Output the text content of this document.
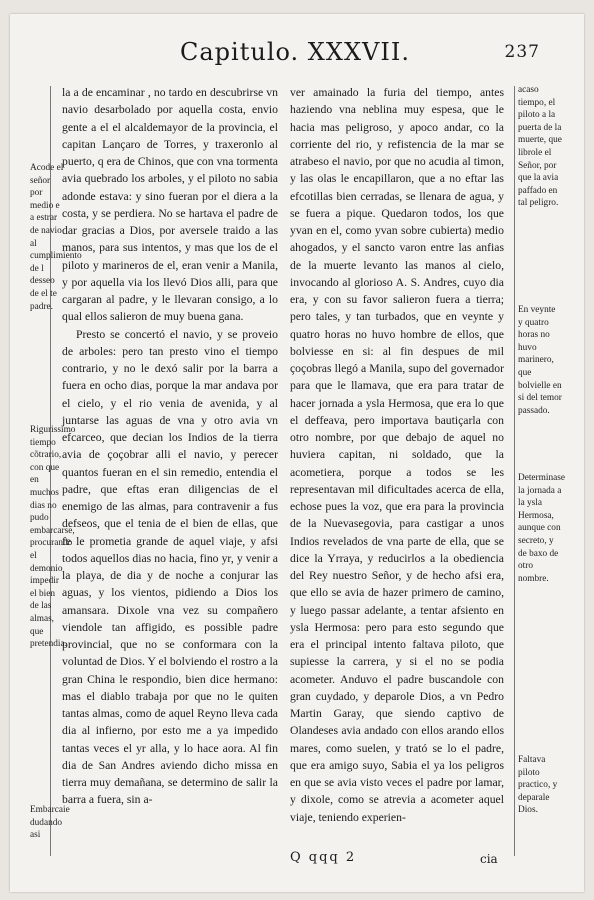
Capitulo. XXXVII.	237

la a de encaminar , no tardo en descubrirse vn navio desarbolado por aquella costa, envio gente a el el alcaldemayor de la provincia, el capitan Lançaro de Torres, y traxeronlo al puerto, q era de Chinos, que con vna tormenta avia quebrado los arboles, y el piloto no sabia adonde estava: y sino fueran por el diera a la costa, y se perdiera. No se hartava el padre de dar gracias a Dios, por aversele traido a las manos, para sus intentos, y mas que los de el piloto y marineros de el, eran venir a Manila, y por aquella via los llevó Dios alli, para que cargaran al padre, y le llevaran consigo, a lo qual ellos salieron de muy buena gana.

Presto se concertó el navio, y se proveio de arboles: pero tan presto vino el tiempo contrario, y no le dexó salir por la barra a fuera en ocho dias, porque la mar andava por el cielo, y el rio venia de avenida, y al juntarse las aguas de vna y otro avia vn efcarceo, que decian los Indios de la tierra avia de çoçobrar alli el navio, y perecer quantos fueran en el sin remedio, entendia el padre, que eftas eran diligencias de el enemigo de las almas, para contravenir a fus defseos, que el tenia de el bien de ellas, que fe le prometia grande de aquel viaje, y afsi todos aquellos dias no hacia, fino yr, y venir a la playa, de dia y de noche a conjurar las aguas, y los vientos, pidiendo a Dios los amansara. Dixole vna vez su compañero viendole tan affigido, es possible padre provincial, que no se conformara con la voluntad de Dios. Y el bolviendo el rostro a la gran China le respondio, bien dice hermano: mas el diablo trabaja por que no le quiten tantas almas, como de aquel Reyno lleva cada dia al infierno, por esto me a ya impedido tantas veces el yr alla, y lo hace aora. Al fin dia de San Andres aviendo dicho missa en tierra muy demañana, se determino de salir la barra a fuera, sin a-

ver amainado la furia del tiempo, antes haziendo vna neblina muy espesa, que le hacia mas peligroso, y apoco andar, co la corriente del rio, y refistencia de la mar se atrabeso el navio, por que no acudia al timon, y las olas le encapillaron, que a no eftar las efcotillas bien cerradas, se llenara de agua, y se fuera a pique. Quedaron todos, los que yvan en el, como yvan sobre cubierta) medio ahogados, y el sancto varon entre las anfias de la muerte levanto las manos al cielo, invocando al glorioso A. S. Andres, cuyo dia era, y con su favor salieron fuera a tierra; pero tales, y tan turbados, que en veynte y quatro horas no huvo hombre de ellos, que bolviesse en si: al fin despues de mil çoçobras llegó a Manila, supo del governador para que le llamava, que era para tratar de hacer jornada a ysla Hermosa, que era lo que el deffeava, pero importava bautiçarla con otro nombre, por que debajo de aquel no huviera capitan, ni soldado, que la acometiera, porque a todos se les representavan mil dificultades acerca de ella, echose pues la voz, que era para la provincia de la Nuevasegovia, para castigar a unos Indios revelados de vna parte de ella, que se dice la Yrraya, y reducirlos a la obediencia del Rey nuestro Señor, y de hecho afsi era, que ello se avia de hazer primero de camino, y luego passar adelante, a tentar afsiento en ysla Hermosa: pero para esto segundo que era el principal intento faltava piloto, que supiesse la carrera, y si el no se podia acometer. Anduvo el padre buscandole con gran cuydado, y deparole Dios, a vn Pedro Martin Garay, que siendo captivo de Olandeses avia andado con ellos arando ellos mares, como suelen, y trató se lo el padre, que era amigo suyo, Sabia el ya los peligros en que se avia visto veces el padre por lamar, y dixole, como se atrevia a acometer aquel viaje, teniendo experien-

Acode el señor por medio e a estrar de navio al cumplimiento de l desseo de el te padre.
Rigurissimo tiempo cõtrario, con que en muchos dias no pudo embarcarse, procurando el demonio impedir el bien de las almas, que pretendia.
Embarcaie dudando asi
acaso tiempo, el piloto a la puerta de la muerte, que librole el Señor, por que la avia paffado en tal peligro.
En veynte y quatro horas no huvo marinero, que bolvielle en si del temor passado.
Determinase la jornada a la ysla Hermosa, aunque con secreto, y de baxo de otro nombre.
Faltava piloto practico, y deparale Dios.
Q qqq 2	cia
